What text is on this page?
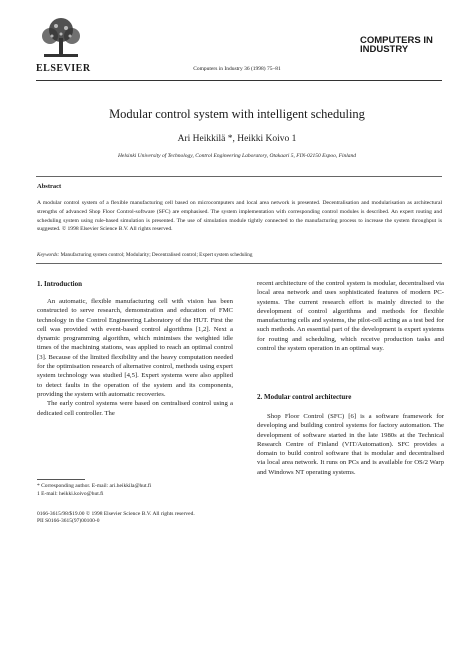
ELSEVIER	Computers in Industry 36 (1998) 75–81
COMPUTERS IN
INDUSTRY
Modular control system with intelligent scheduling
Ari Heikkilä *, Heikki Koivo 1
Helsinki University of Technology, Control Engineering Laboratory, Otakaari 5, FIN-02150 Espoo, Finland
Abstract
A modular control system of a flexible manufacturing cell based on microcomputers and local area network is presented. Decentralisation and modularisation as architectural strengths of advanced Shop Floor Control-software (SFC) are emphasised. The system implementation with corresponding control modules is described. An expert routing and scheduling system using rule-based simulation is presented. The use of simulation module tightly connected to the manufacturing process to increase the system throughput is suggested. © 1998 Elsevier Science B.V. All rights reserved.
Keywords: Manufacturing system control; Modularity; Decentralised control; Expert system scheduling
1. Introduction

An automatic, flexible manufacturing cell with vision has been constructed to serve research, demonstration and education of FMC technology in the Control Engineering Laboratory of the HUT. First the cell was provided with event-based control algorithms [1,2]. Next a dynamic programming algorithm, which minimises the weighted idle times of the machining stations, was applied to reach an optimal control [3]. Because of the limited flexibility and the heavy computation needed for the optimisation research of alternative control, methods using expert system technology was studied [4,5]. Expert systems were also applied to detect faults in the operation of the system and its components, providing the system with automatic recoveries.

The early control systems were based on centralised control using a dedicated cell controller. The

recent architecture of the control system is modular, decentralised via local area network and uses sophisticated features of modern PC-systems. The current research effort is mainly directed to the development of control algorithms and methods for flexible manufacturing cells and systems, the pilot-cell acting as a test bed for such methods. An essential part of the development is expert systems for routing and scheduling, which receive production tasks and control the system operation in an optimal way.

2. Modular control architecture

Shop Floor Control (SFC) [6] is a software framework for developing and building control systems for factory automation. The development of software started in the late 1980s at the Technical Research Centre of Finland (VIT/Automation). SFC provides a domain to build control software that is modular and decentralised via local area network. It runs on PCs and is available for OS/2 Warp and Windows NT operating systems.

* Corresponding author. E-mail: ari.heikkila@hut.fi
1 E-mail: heikki.koivo@hut.fi
0166-3615/98/$19.00 © 1998 Elsevier Science B.V. All rights reserved.
PII S0166-3615(97)00100-0
